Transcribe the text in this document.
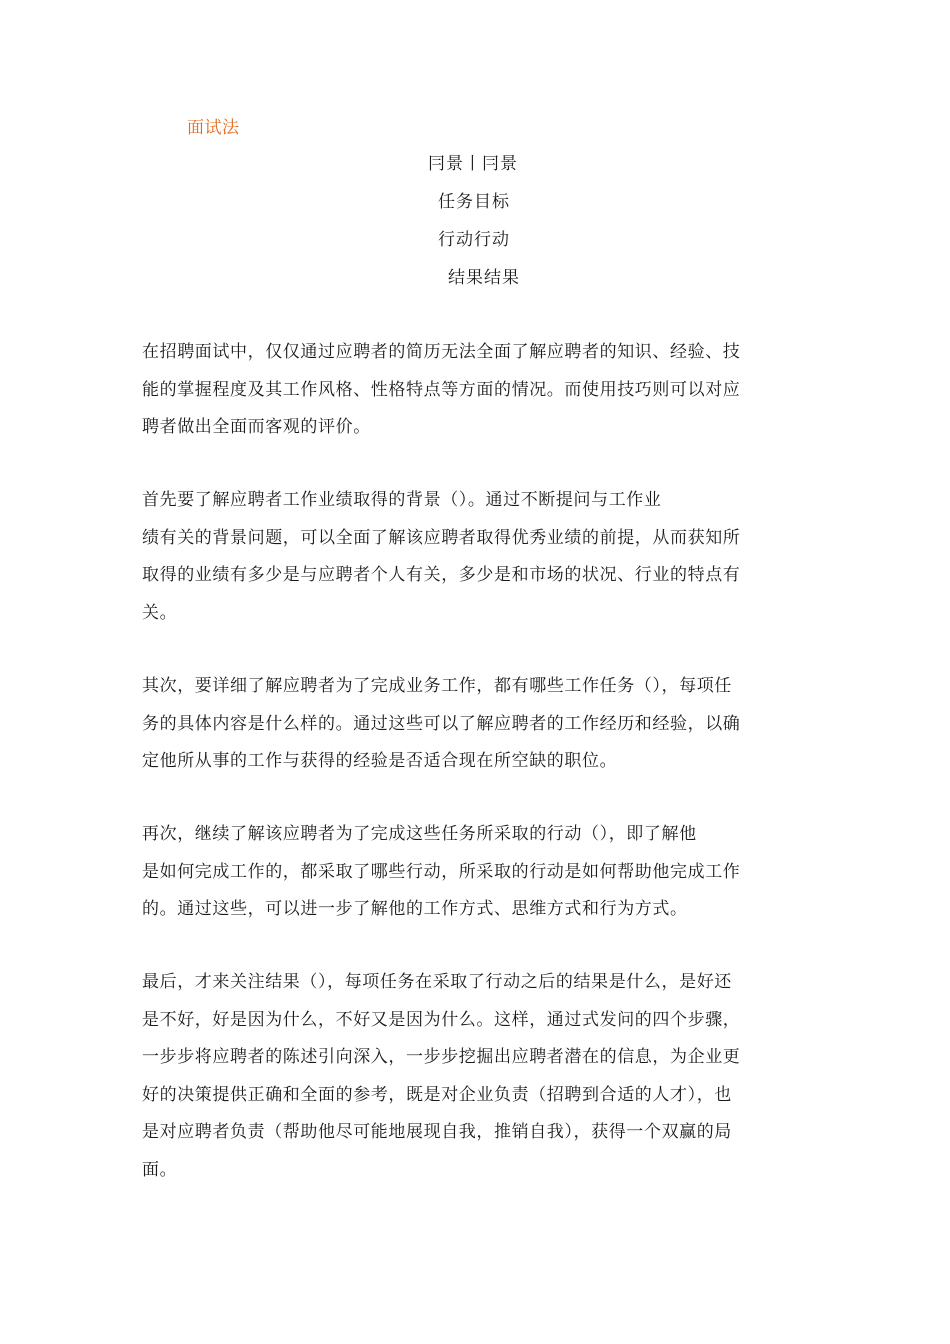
面试法
冃景丨冃景
任务目标
行动行动
结果结果
在招聘面试中，仅仅通过应聘者的简历无法全面了解应聘者的知识、经验、技
能的掌握程度及其工作风格、性格特点等方面的情况。而使用技巧则可以对应
聘者做出全面而客观的评价。
首先要了解应聘者工作业绩取得的背景（）。通过不断提问与工作业
绩有关的背景问题，可以全面了解该应聘者取得优秀业绩的前提，从而获知所
取得的业绩有多少是与应聘者个人有关，多少是和市场的状况、行业的特点有
关。
其次，要详细了解应聘者为了完成业务工作，都有哪些工作任务（），每项任
务的具体内容是什么样的。通过这些可以了解应聘者的工作经历和经验，以确
定他所从事的工作与获得的经验是否适合现在所空缺的职位。
再次，继续了解该应聘者为了完成这些任务所采取的行动（），即了解他
是如何完成工作的，都采取了哪些行动，所采取的行动是如何帮助他完成工作
的。通过这些，可以进一步了解他的工作方式、思维方式和行为方式。
最后，才来关注结果（），每项任务在采取了行动之后的结果是什么，是好还
是不好，好是因为什么，不好又是因为什么。这样，通过式发问的四个步骤，
一步步将应聘者的陈述引向深入，一步步挖掘出应聘者潜在的信息，为企业更
好的决策提供正确和全面的参考，既是对企业负责（招聘到合适的人才），也
是对应聘者负责（帮助他尽可能地展现自我，推销自我），获得一个双赢的局
面。
